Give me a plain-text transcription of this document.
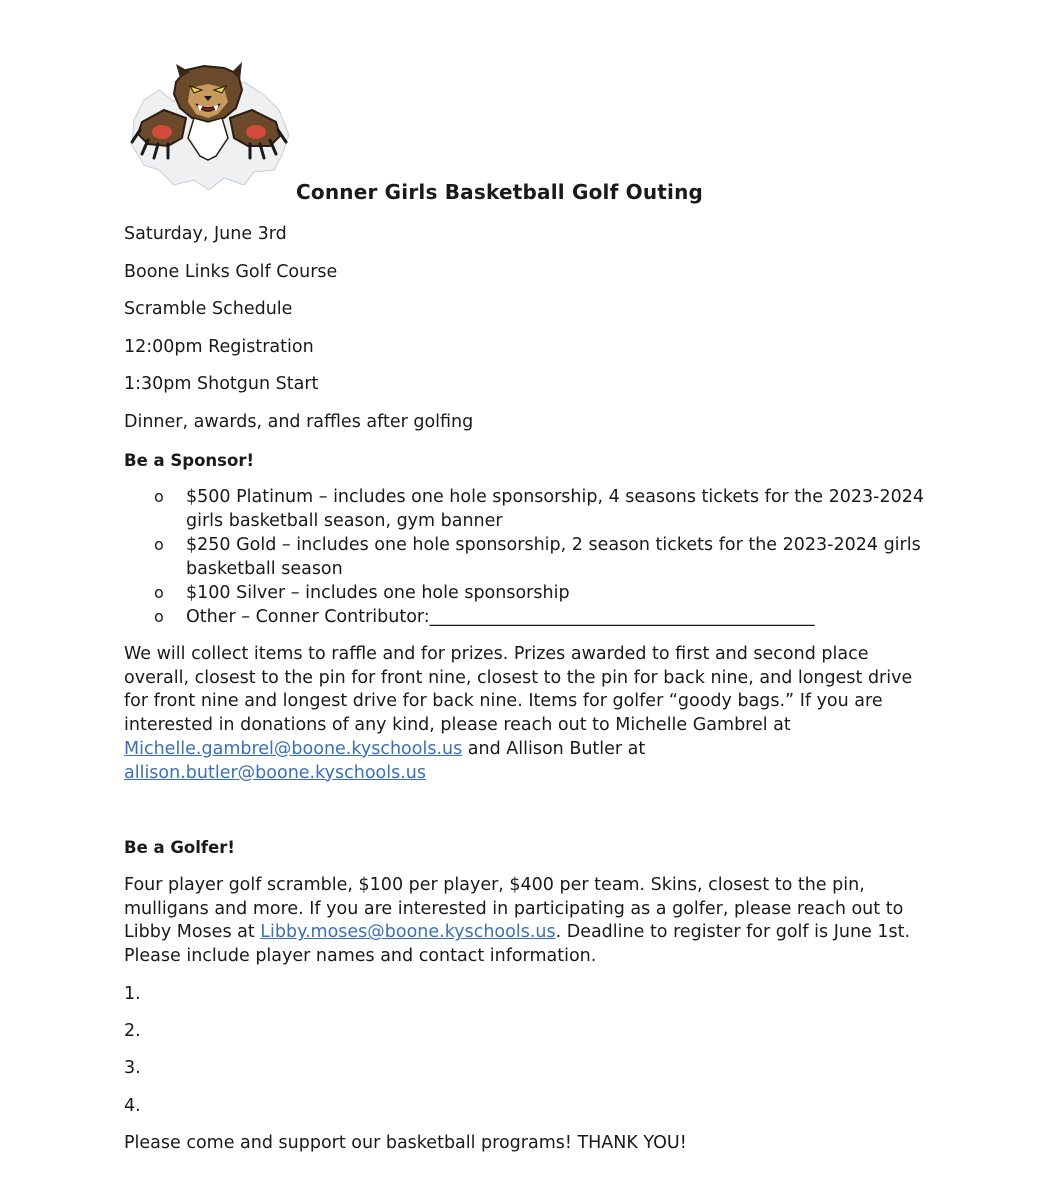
Conner Girls Basketball Golf Outing
Saturday, June 3rd
Boone Links Golf Course
Scramble Schedule
12:00pm Registration
1:30pm Shotgun Start
Dinner, awards, and raffles after golfing
Be a Sponsor!
o $500 Platinum – includes one hole sponsorship, 4 seasons tickets for the 2023-2024 girls basketball season, gym banner
o $250 Gold – includes one hole sponsorship, 2 season tickets for the 2023-2024 girls basketball season
o $100 Silver – includes one hole sponsorship
o Other – Conner Contributor:____________________________________________

We will collect items to raffle and for prizes. Prizes awarded to first and second place overall, closest to the pin for front nine, closest to the pin for back nine, and longest drive for front nine and longest drive for back nine. Items for golfer “goody bags.” If you are interested in donations of any kind, please reach out to Michelle Gambrel at Michelle.gambrel@boone.kyschools.us and Allison Butler at allison.butler@boone.kyschools.us

Be a Golfer!

Four player golf scramble, $100 per player, $400 per team. Skins, closest to the pin, mulligans and more. If you are interested in participating as a golfer, please reach out to Libby Moses at Libby.moses@boone.kyschools.us. Deadline to register for golf is June 1st. Please include player names and contact information.

1.
2.
3.
4.
Please come and support our basketball programs! THANK YOU!
